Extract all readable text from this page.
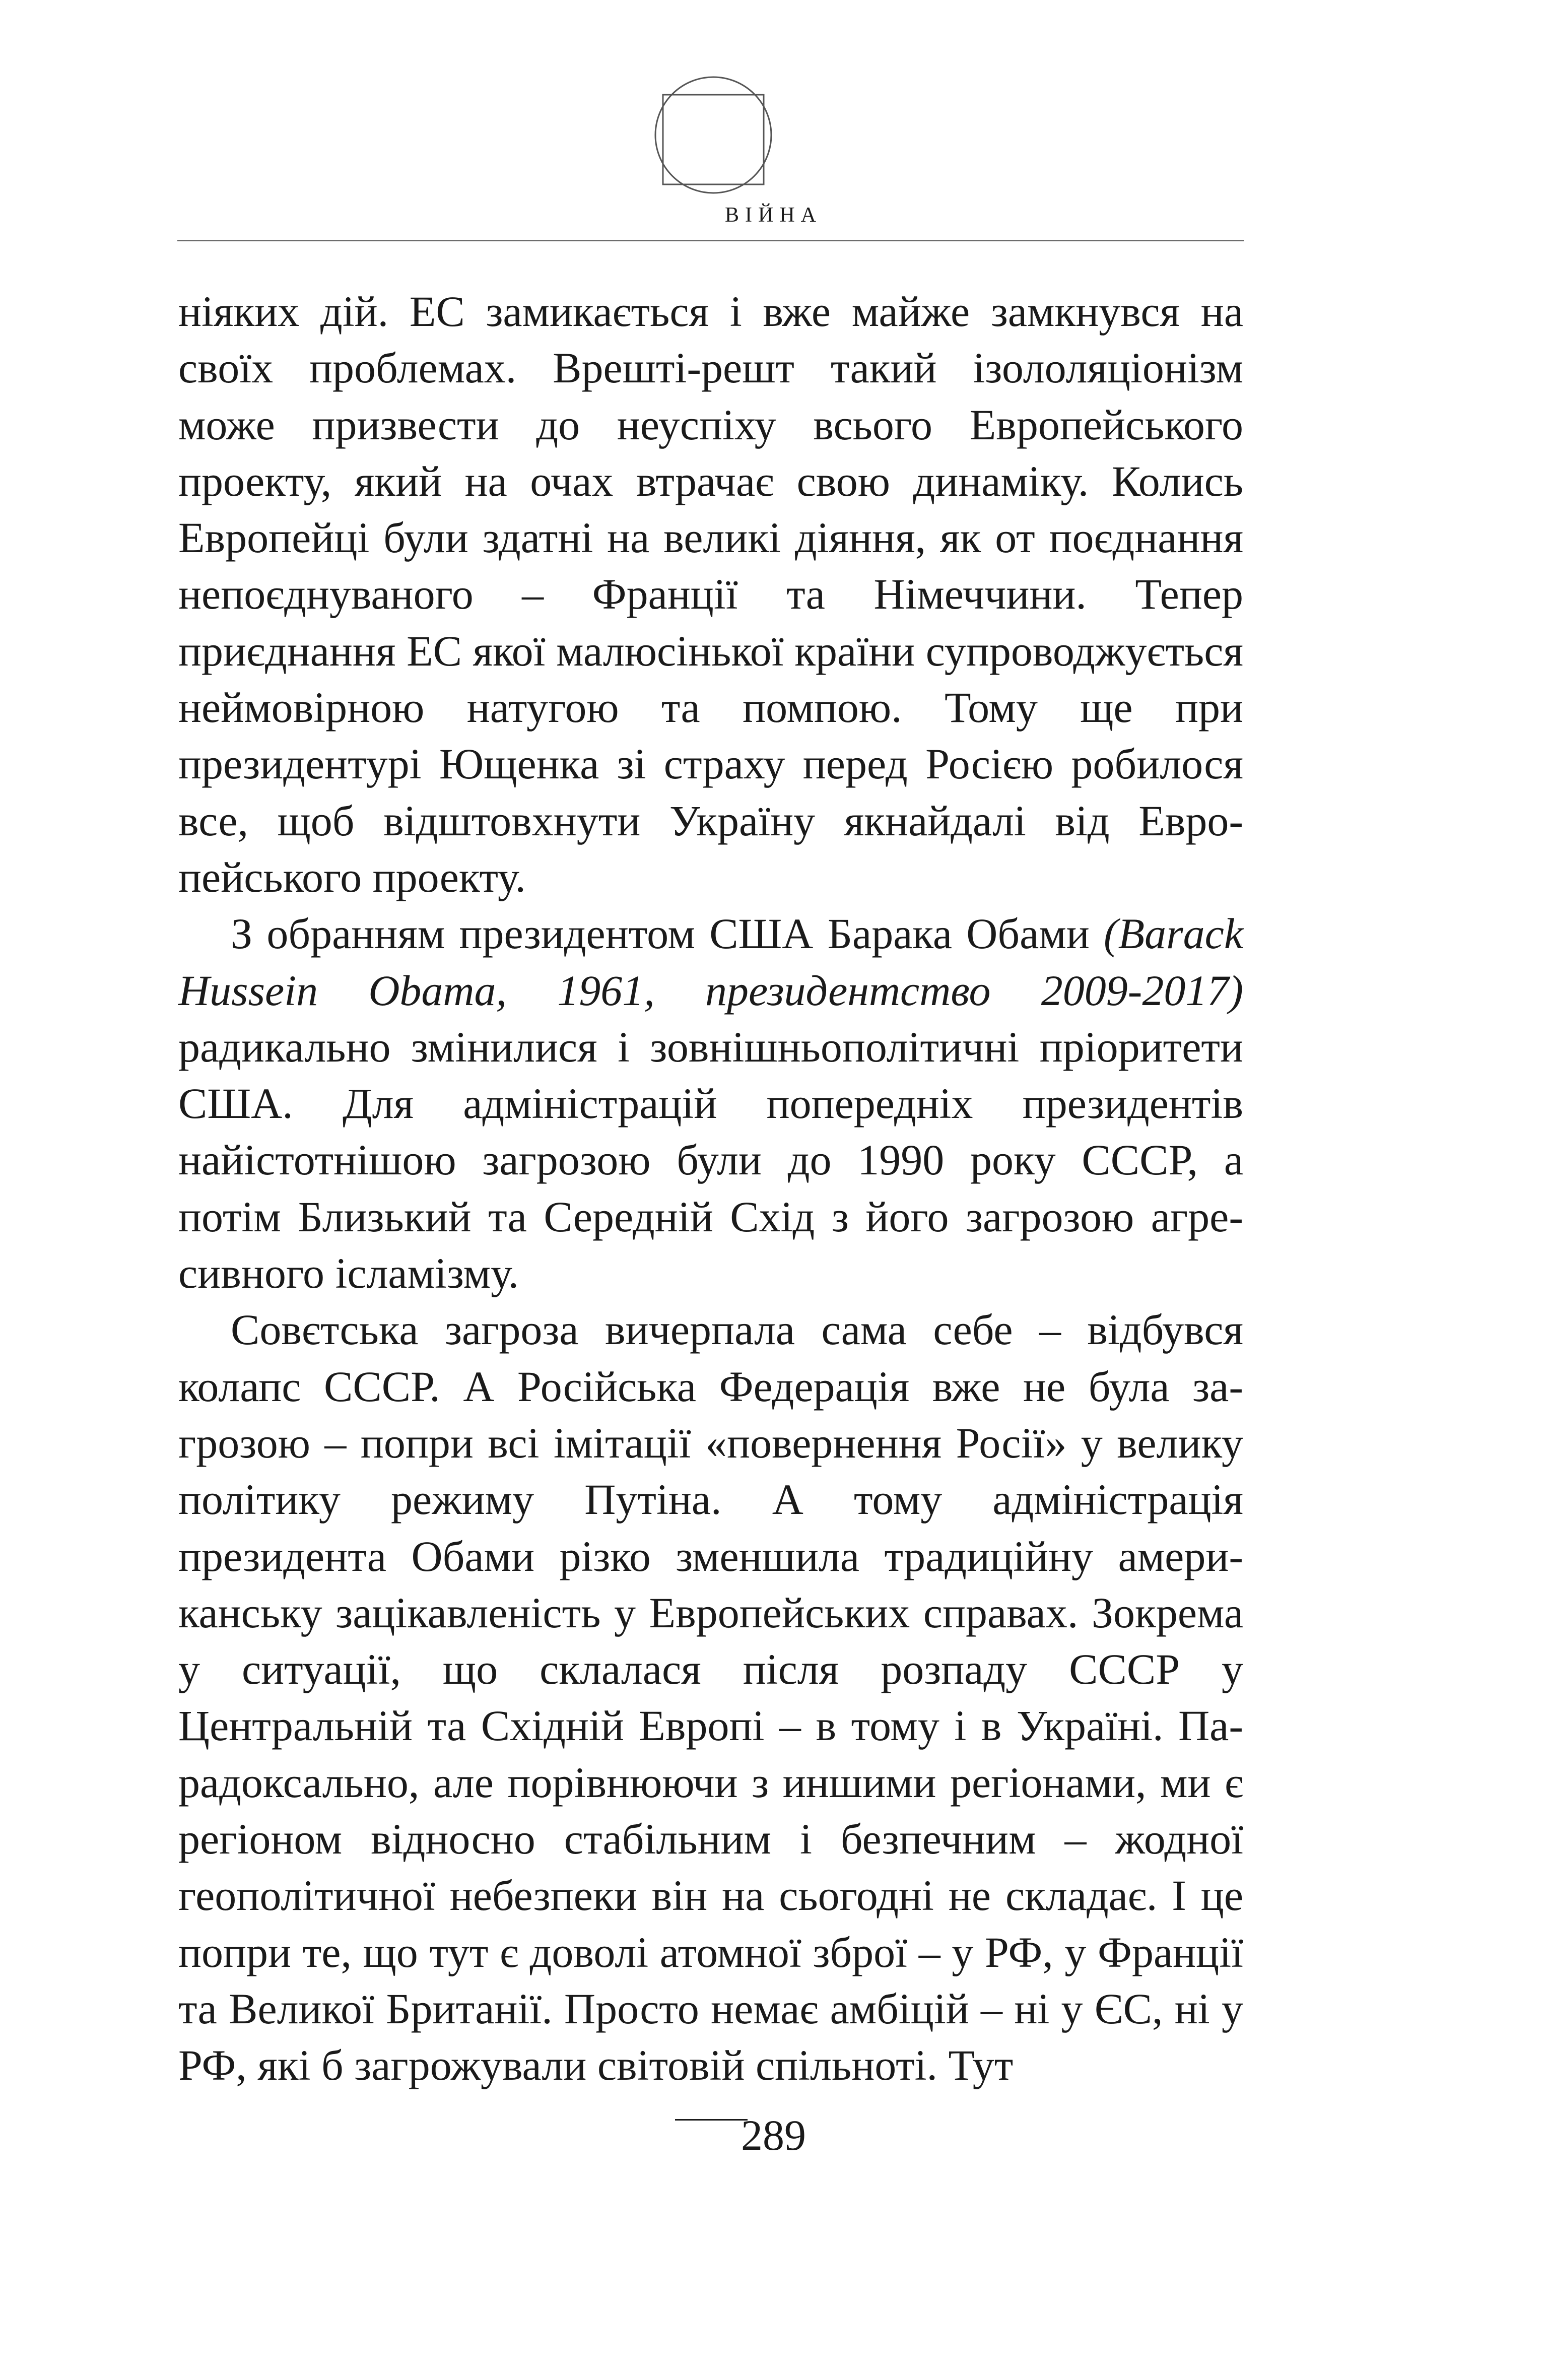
ВІЙНА

ніяких дій. ЕС замикається і вже майже замкнувся на своїх проблемах. Врешті-решт такий ізололяціонізм може призвести до неуспіху всього Европейського проекту, який на очах втрачає свою динаміку. Колись Европейці були здатні на великі діяння, як от поєднання непоєднуваного – Франції та Німеччини. Тепер приєднання ЕС якої малюсінької країни супроводжується неймовірною натугою та помпою. Тому ще при президентурі Ющенка зі страху перед Росією робилося все, щоб відштовхнути Україну якнайдалі від Европейського проекту.

З обранням президентом США Барака Обами (Barack Hussein Obama, 1961, президентство 2009-2017) радикально змінилися і зовнішньополітичні пріоритети США. Для адміністрацій попередніх президентів найістотнішою загрозою були до 1990 року СССР, а потім Близький та Середній Схід з його загрозою агресивного ісламізму.

Совєтська загроза вичерпала сама себе – відбувся колапс СССР. А Російська Федерація вже не була загрозою – попри всі імітації «повернення Росії» у велику політику режиму Путіна. А тому адміністрація президента Обами різко зменшила традиційну американську зацікавленість у Европейських справах. Зокрема у ситуації, що склалася після розпаду СССР у Центральній та Східній Европі – в тому і в Україні. Парадоксально, але порівнюючи з иншими регіонами, ми є регіоном відносно стабільним і безпечним – жодної геополітичної небезпеки він на сьогодні не складає. І це попри те, що тут є доволі атомної зброї – у РФ, у Франції та Великої Британії. Просто немає амбіцій – ні у ЄС, ні у РФ, які б загрожували світовій спільноті. Тут

289
